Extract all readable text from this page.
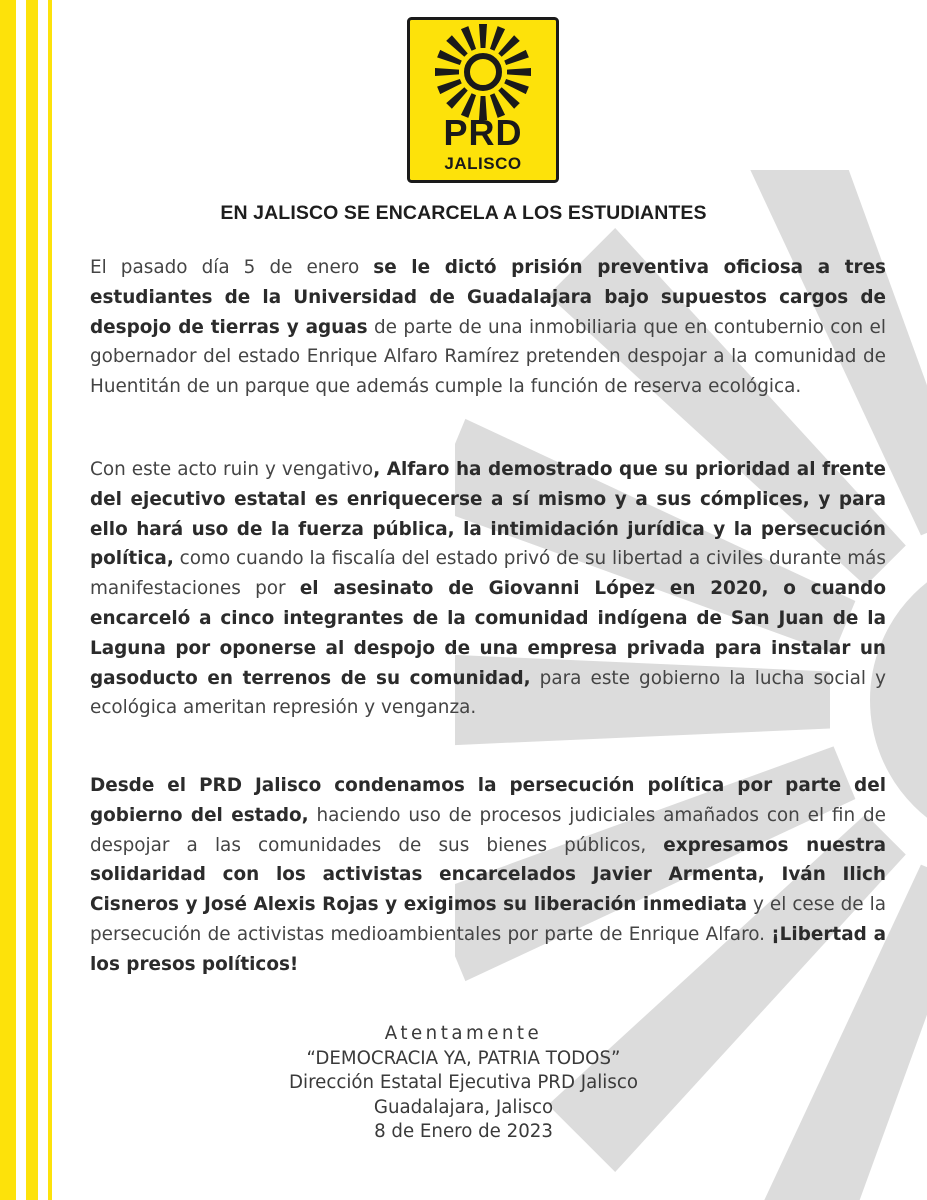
PRD
JALISCO
EN JALISCO SE ENCARCELA A LOS ESTUDIANTES

El pasado día 5 de enero se le dictó prisión preventiva oficiosa a tres estudiantes de la Universidad de Guadalajara bajo supuestos cargos de despojo de tierras y aguas de parte de una inmobiliaria que en contubernio con el gobernador del estado Enrique Alfaro Ramírez pretenden despojar a la comunidad de Huentitán de un parque que además cumple la función de reserva ecológica.

Con este acto ruin y vengativo, Alfaro ha demostrado que su prioridad al frente del ejecutivo estatal es enriquecerse a sí mismo y a sus cómplices, y para ello hará uso de la fuerza pública, la intimidación jurídica y la persecución política, como cuando la fiscalía del estado privó de su libertad a civiles durante más manifestaciones por el asesinato de Giovanni López en 2020, o cuando encarceló a cinco integrantes de la comunidad indígena de San Juan de la Laguna por oponerse al despojo de una empresa privada para instalar un gasoducto en terrenos de su comunidad, para este gobierno la lucha social y ecológica ameritan represión y venganza.

Desde el PRD Jalisco condenamos la persecución política por parte del gobierno del estado, haciendo uso de procesos judiciales amañados con el fin de despojar a las comunidades de sus bienes públicos, expresamos nuestra solidaridad con los activistas encarcelados Javier Armenta, Iván Ilich Cisneros y José Alexis Rojas y exigimos su liberación inmediata y el cese de la persecución de activistas medioambientales por parte de Enrique Alfaro. ¡Libertad a los presos políticos!

Atentamente
“DEMOCRACIA YA, PATRIA TODOS”
Dirección Estatal Ejecutiva PRD Jalisco
Guadalajara, Jalisco
8 de Enero de 2023
